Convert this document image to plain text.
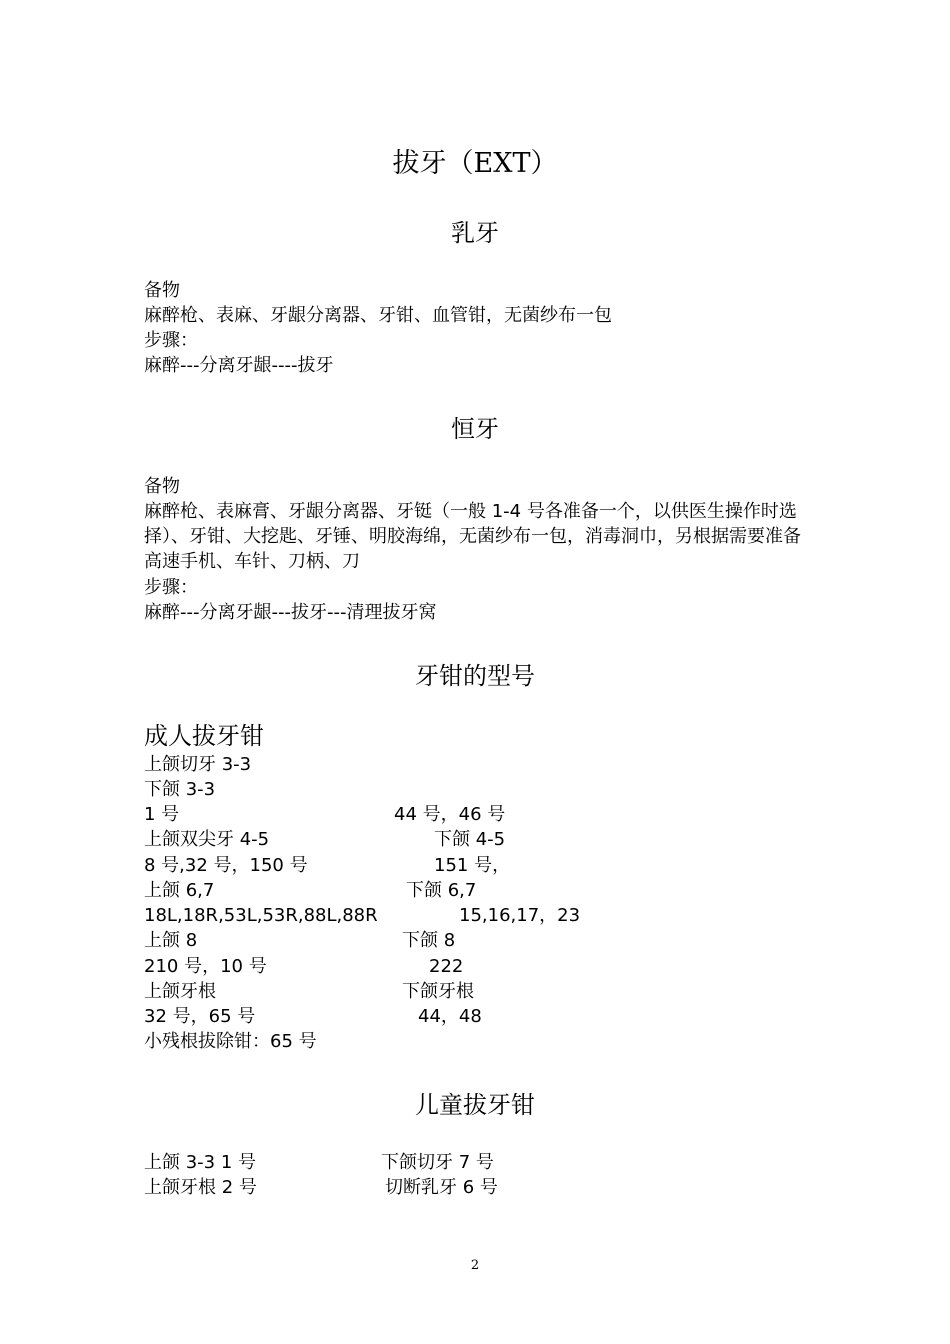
拔牙（EXT）
乳牙
备物
麻醉枪、表麻、牙龈分离器、牙钳、血管钳，无菌纱布一包
步骤：
麻醉---分离牙龈----拔牙
恒牙
备物
麻醉枪、表麻膏、牙龈分离器、牙铤（一般 1-4 号各准备一个，以供医生操作时选
择）、牙钳、大挖匙、牙锤、明胶海绵，无菌纱布一包，消毒洞巾，另根据需要准备
高速手机、车针、刀柄、刀
步骤：
麻醉---分离牙龈---拔牙---清理拔牙窝
牙钳的型号
成人拔牙钳
上颌切牙 3-3
下颌 3-3
1 号	44 号，46 号
上颌双尖牙 4-5	下颌 4-5
8 号,32 号，150 号	151 号，
上颌 6,7	下颌 6,7
18L,18R,53L,53R,88L,88R	15,16,17，23
上颌 8	下颌 8
210 号，10 号	222
上颌牙根	下颌牙根
32 号，65 号	44，48
小残根拔除钳：65 号
儿童拔牙钳
上颌 3-3 1 号	下颌切牙 7 号
上颌牙根 2 号	切断乳牙 6 号
2
